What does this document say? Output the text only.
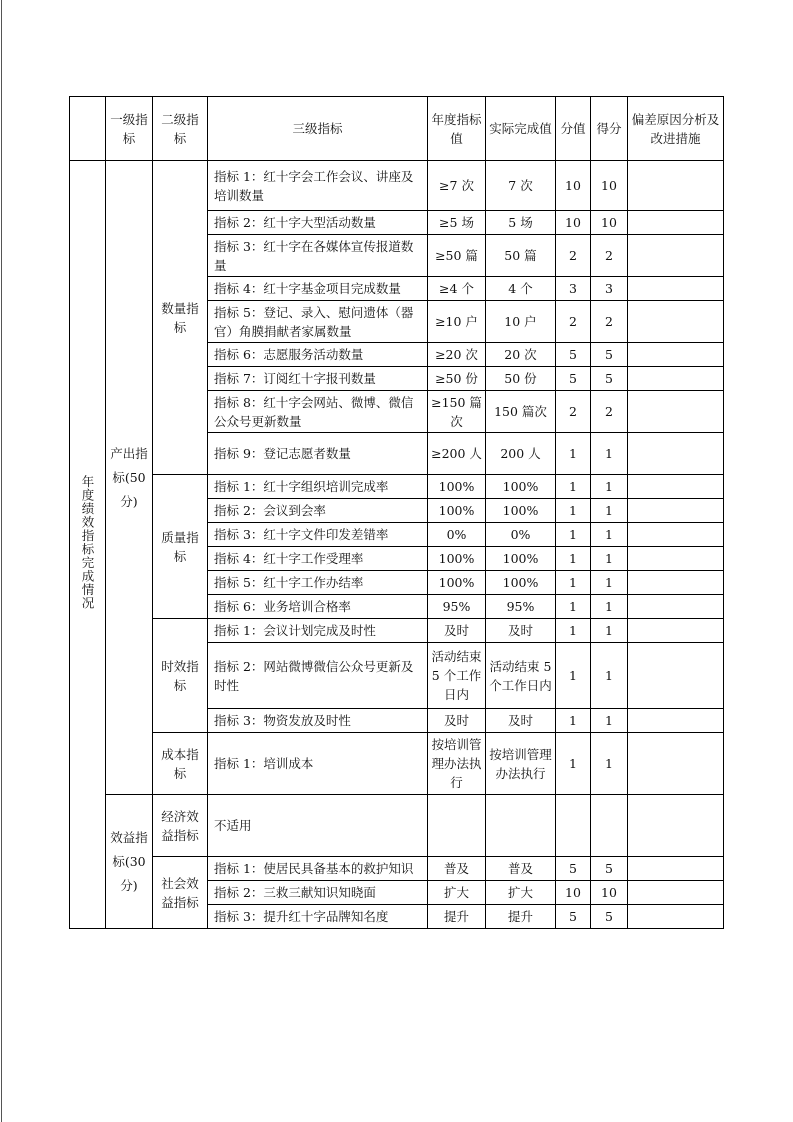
	一级指标	二级指标	三级指标	年度指标值	实际完成值	分值	得分	偏差原因分析及改进措施
年度绩效指标完成情况	产出指标(50分)	数量指标	指标 1：红十字会工作会议、讲座及培训数量	≥7 次	7 次	10	10	
			指标 2：红十字大型活动数量	≥5 场	5 场	10	10	
			指标 3：红十字在各媒体宣传报道数量	≥50 篇	50 篇	2	2	
			指标 4：红十字基金项目完成数量	≥4 个	4 个	3	3	
			指标 5：登记、录入、慰问遗体（器官）角膜捐献者家属数量	≥10 户	10 户	2	2	
			指标 6：志愿服务活动数量	≥20 次	20 次	5	5	
			指标 7：订阅红十字报刊数量	≥50 份	50 份	5	5	
			指标 8：红十字会网站、微博、微信公众号更新数量	≥150 篇次	150 篇次	2	2	
			指标 9：登记志愿者数量	≥200 人	200 人	1	1	
		质量指标	指标 1：红十字组织培训完成率	100%	100%	1	1	
			指标 2：会议到会率	100%	100%	1	1	
			指标 3：红十字文件印发差错率	0%	0%	1	1	
			指标 4：红十字工作受理率	100%	100%	1	1	
			指标 5：红十字工作办结率	100%	100%	1	1	
			指标 6：业务培训合格率	95%	95%	1	1	
		时效指标	指标 1：会议计划完成及时性	及时	及时	1	1	
			指标 2：网站微博微信公众号更新及时性	活动结束 5 个工作日内	活动结束 5 个工作日内	1	1	
			指标 3：物资发放及时性	及时	及时	1	1	
		成本指标	指标 1：培训成本	按培训管理办法执行	按培训管理办法执行	1	1	
	效益指标(30分)	经济效益指标	不适用					
		社会效益指标	指标 1：使居民具备基本的救护知识	普及	普及	5	5	
			指标 2：三救三献知识知晓面	扩大	扩大	10	10	
			指标 3：提升红十字品牌知名度	提升	提升	5	5	
